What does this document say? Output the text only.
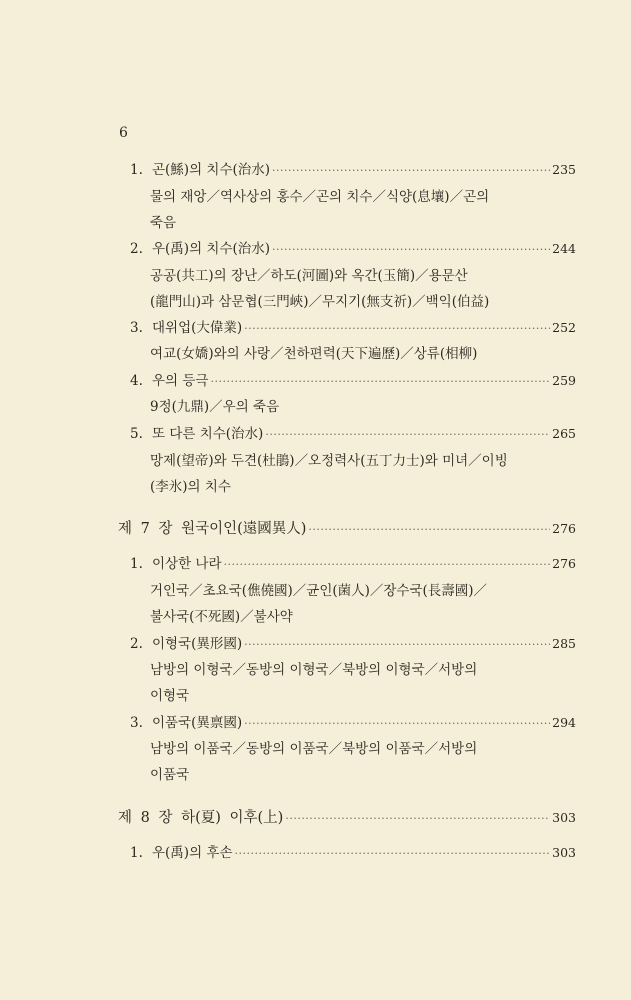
6
1. 곤(鯀)의 치수(治水) ·····	235
물의 재앙／역사상의 홍수／곤의 치수／식양(息壤)／곤의
죽음
2. 우(禹)의 치수(治水) ·····	244
공공(共工)의 장난／하도(河圖)와 옥간(玉簡)／용문산
(龍門山)과 삼문협(三門峽)／무지기(無支祈)／백익(伯益)
3. 대위업(大偉業) ·····	252
여교(女嬌)와의 사랑／천하편력(天下遍歷)／상류(相柳)
4. 우의 등극 ·····	259
9정(九鼎)／우의 죽음
5. 또 다른 치수(治水) ·····	265
망제(望帝)와 두견(杜鵑)／오정력사(五丁力士)와 미녀／이빙
(李氷)의 치수
제 7 장 원국이인(遠國異人) ·····	276
1. 이상한 나라 ·····	276
거인국／초요국(僬僥國)／균인(菌人)／장수국(長壽國)／
불사국(不死國)／불사약
2. 이형국(異形國) ·····	285
남방의 이형국／동방의 이형국／북방의 이형국／서방의
이형국
3. 이품국(異禀國) ·····	294
남방의 이품국／동방의 이품국／북방의 이품국／서방의
이품국
제 8 장 하(夏) 이후(上) ·····	303
1. 우(禹)의 후손 ·····	303
